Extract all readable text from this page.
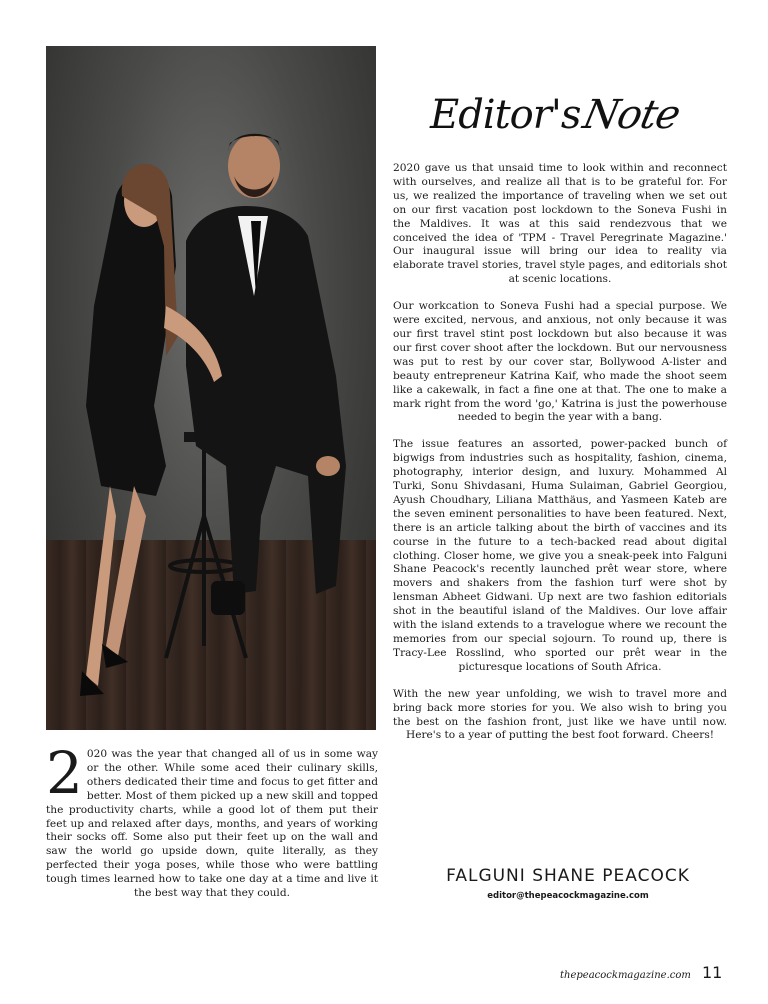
Editor'sNote

2020 gave us that unsaid time to look within and reconnect with ourselves, and realize all that is to be grateful for. For us, we realized the importance of traveling when we set out on our first vacation post lockdown to the Soneva Fushi in the Maldives. It was at this said rendezvous that we conceived the idea of 'TPM - Travel Peregrinate Magazine.' Our inaugural issue will bring our idea to reality via elaborate travel stories, travel style pages, and editorials shot at scenic locations.

Our workcation to Soneva Fushi had a special purpose. We were excited, nervous, and anxious, not only because it was our first travel stint post lockdown but also because it was our first cover shoot after the lockdown. But our nervousness was put to rest by our cover star, Bollywood A-lister and beauty entrepreneur Katrina Kaif, who made the shoot seem like a cakewalk, in fact a fine one at that. The one to make a mark right from the word 'go,' Katrina is just the powerhouse needed to begin the year with a bang.

The issue features an assorted, power-packed bunch of bigwigs from industries such as hospitality, fashion, cinema, photography, interior design, and luxury. Mohammed Al Turki, Sonu Shivdasani, Huma Sulaiman, Gabriel Georgiou, Ayush Choudhary, Liliana Matthäus, and Yasmeen Kateb are the seven eminent personalities to have been featured. Next, there is an article talking about the birth of vaccines and its course in the future to a tech-backed read about digital clothing. Closer home, we give you a sneak-peek into Falguni Shane Peacock's recently launched prêt wear store, where movers and shakers from the fashion turf were shot by lensman Abheet Gidwani. Up next are two fashion editorials shot in the beautiful island of the Maldives. Our love affair with the island extends to a travelogue where we recount the memories from our special sojourn. To round up, there is Tracy-Lee Rosslind, who sported our prêt wear in the picturesque locations of South Africa.

With the new year unfolding, we wish to travel more and bring back more stories for you. We also wish to bring you the best on the fashion front, just like we have until now. Here's to a year of putting the best foot forward. Cheers!

2 020 was the year that changed all of us in some way or the other. While some aced their culinary skills, others dedicated their time and focus to get fitter and better. Most of them picked up a new skill and topped the productivity charts, while a good lot of them put their feet up and relaxed after days, months, and years of working their socks off. Some also put their feet up on the wall and saw the world go upside down, quite literally, as they perfected their yoga poses, while those who were battling tough times learned how to take one day at a time and live it the best way that they could.
FALGUNI SHANE PEACOCK
editor@thepeacockmagazine.com
thepeacockmagazine.com 11
